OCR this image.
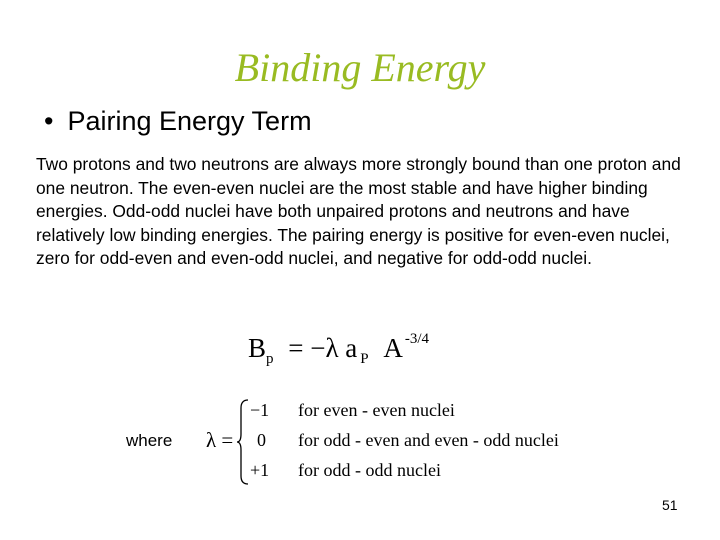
Binding Energy
• Pairing Energy Term
Two protons and two neutrons are always more strongly bound than one proton and one neutron. The even-even nuclei are the most stable and have higher binding energies. Odd-odd nuclei have both unpaired protons and neutrons and have relatively low binding energies. The pairing energy is positive for even-even nuclei, zero for odd-even and even-odd nuclei, and negative for odd-odd nuclei.
$B_p = -\lambda$ a $_P$ A $^{-3/4}$
where λ =
−1 for even - even nuclei
0 for odd - even and even - odd nuclei
+1 for odd - odd nuclei
51
